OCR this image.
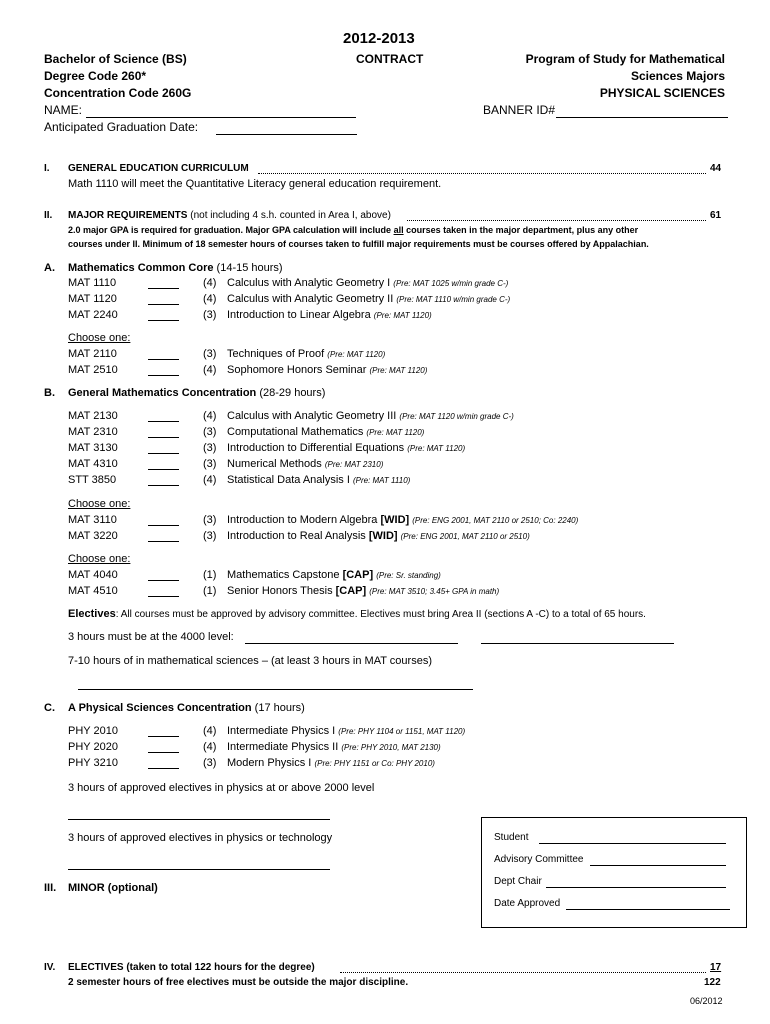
2012-2013
CONTRACT
Bachelor of Science (BS)
Degree Code 260*
Concentration Code 260G
NAME:
Anticipated Graduation Date:
Program of Study for Mathematical
Sciences Majors
PHYSICAL SCIENCES
BANNER ID#
I. GENERAL EDUCATION CURRICULUM	44
Math 1110 will meet the Quantitative Literacy general education requirement.
II. MAJOR REQUIREMENTS (not including 4 s.h. counted in Area I, above)	61
2.0 major GPA is required for graduation. Major GPA calculation will include all courses taken in the major department, plus any other
courses under II. Minimum of 18 semester hours of courses taken to fulfill major requirements must be courses offered by Appalachian.
A. Mathematics Common Core (14-15 hours)
MAT 1110	(4) Calculus with Analytic Geometry I (Pre: MAT 1025 w/min grade C-)
MAT 1120	(4) Calculus with Analytic Geometry II (Pre: MAT 1110 w/min grade C-)
MAT 2240	(3) Introduction to Linear Algebra (Pre: MAT 1120)
Choose one:
MAT 2110	(3) Techniques of Proof (Pre: MAT 1120)
MAT 2510	(4) Sophomore Honors Seminar (Pre: MAT 1120)
B. General Mathematics Concentration (28-29 hours)
MAT 2130	(4) Calculus with Analytic Geometry III (Pre: MAT 1120 w/min grade C-)
MAT 2310	(3) Computational Mathematics (Pre: MAT 1120)
MAT 3130	(3) Introduction to Differential Equations (Pre: MAT 1120)
MAT 4310	(3) Numerical Methods (Pre: MAT 2310)
STT 3850	(4) Statistical Data Analysis I (Pre: MAT 1110)
Choose one:
MAT 3110	(3) Introduction to Modern Algebra [WID] (Pre: ENG 2001, MAT 2110 or 2510; Co: 2240)
MAT 3220	(3) Introduction to Real Analysis [WID] (Pre: ENG 2001, MAT 2110 or 2510)
Choose one:
MAT 4040	(1) Mathematics Capstone [CAP] (Pre: Sr. standing)
MAT 4510	(1) Senior Honors Thesis [CAP] (Pre: MAT 3510; 3.45+ GPA in math)
Electives: All courses must be approved by advisory committee. Electives must bring Area II (sections A -C) to a total of 65 hours.
3 hours must be at the 4000 level:
7-10 hours of in mathematical sciences – (at least 3 hours in MAT courses)
C. A Physical Sciences Concentration (17 hours)
PHY 2010	(4) Intermediate Physics I (Pre: PHY 1104 or 1151, MAT 1120)
PHY 2020	(4) Intermediate Physics II (Pre: PHY 2010, MAT 2130)
PHY 3210	(3) Modern Physics I (Pre: PHY 1151 or Co: PHY 2010)
3 hours of approved electives in physics at or above 2000 level
3 hours of approved electives in physics or technology
III. MINOR (optional)
Student
Advisory Committee
Dept Chair
Date Approved
IV. ELECTIVES (taken to total 122 hours for the degree)	17
122
2 semester hours of free electives must be outside the major discipline.
06/2012
